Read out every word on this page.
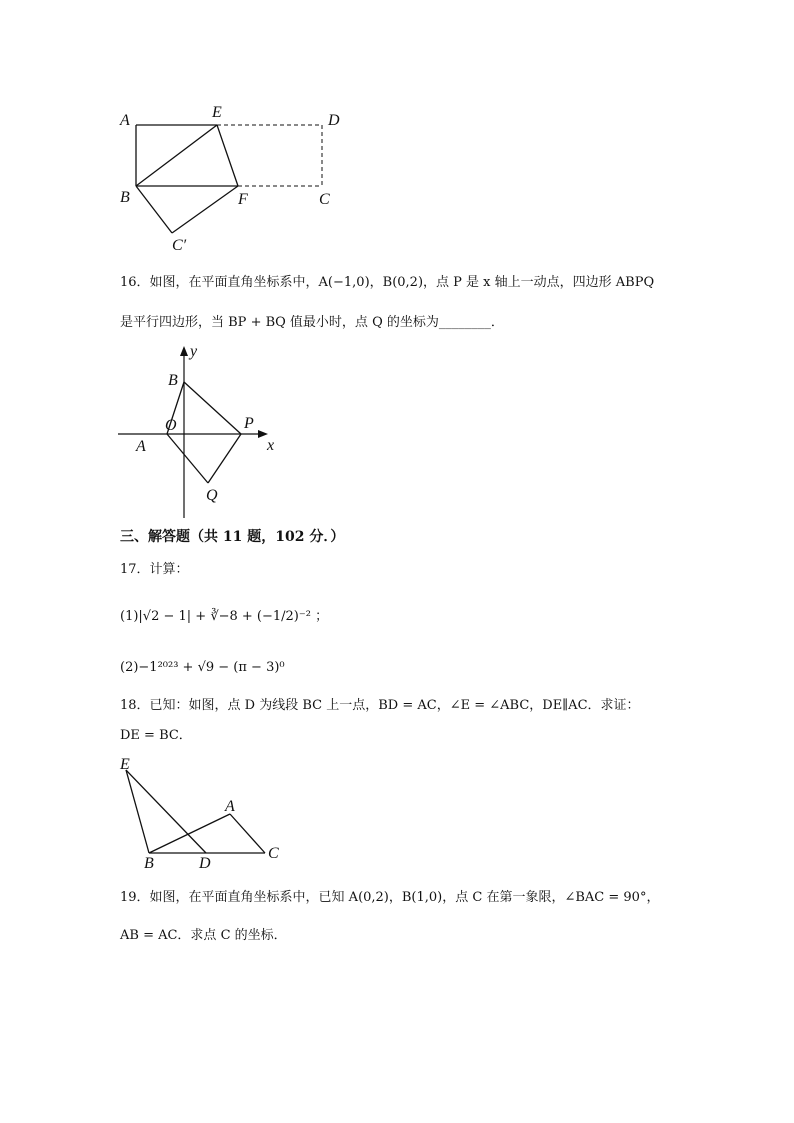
A	E	D
B	F	C
C′
16．如图，在平面直角坐标系中，A(−1,0)，B(0,2)，点 P 是 x 轴上一动点，四边形 ABPQ
是平行四边形，当 BP + BQ 值最小时，点 Q 的坐标为________．
y
B
O	P
x
A
Q
三、解答题（共 11 题，102 分．）
17．计算：
(1)|√2 − 1| + ∛−8 + (−1/2)⁻² ；
(2)−1²⁰²³ + √9 − (π − 3)⁰
18．已知：如图，点 D 为线段 BC 上一点，BD = AC，∠E = ∠ABC，DE∥AC．求证：
DE = BC．
E
A
B	D
C
19．如图，在平面直角坐标系中，已知 A(0,2)，B(1,0)，点 C 在第一象限，∠BAC = 90°，
AB = AC．求点 C 的坐标．
